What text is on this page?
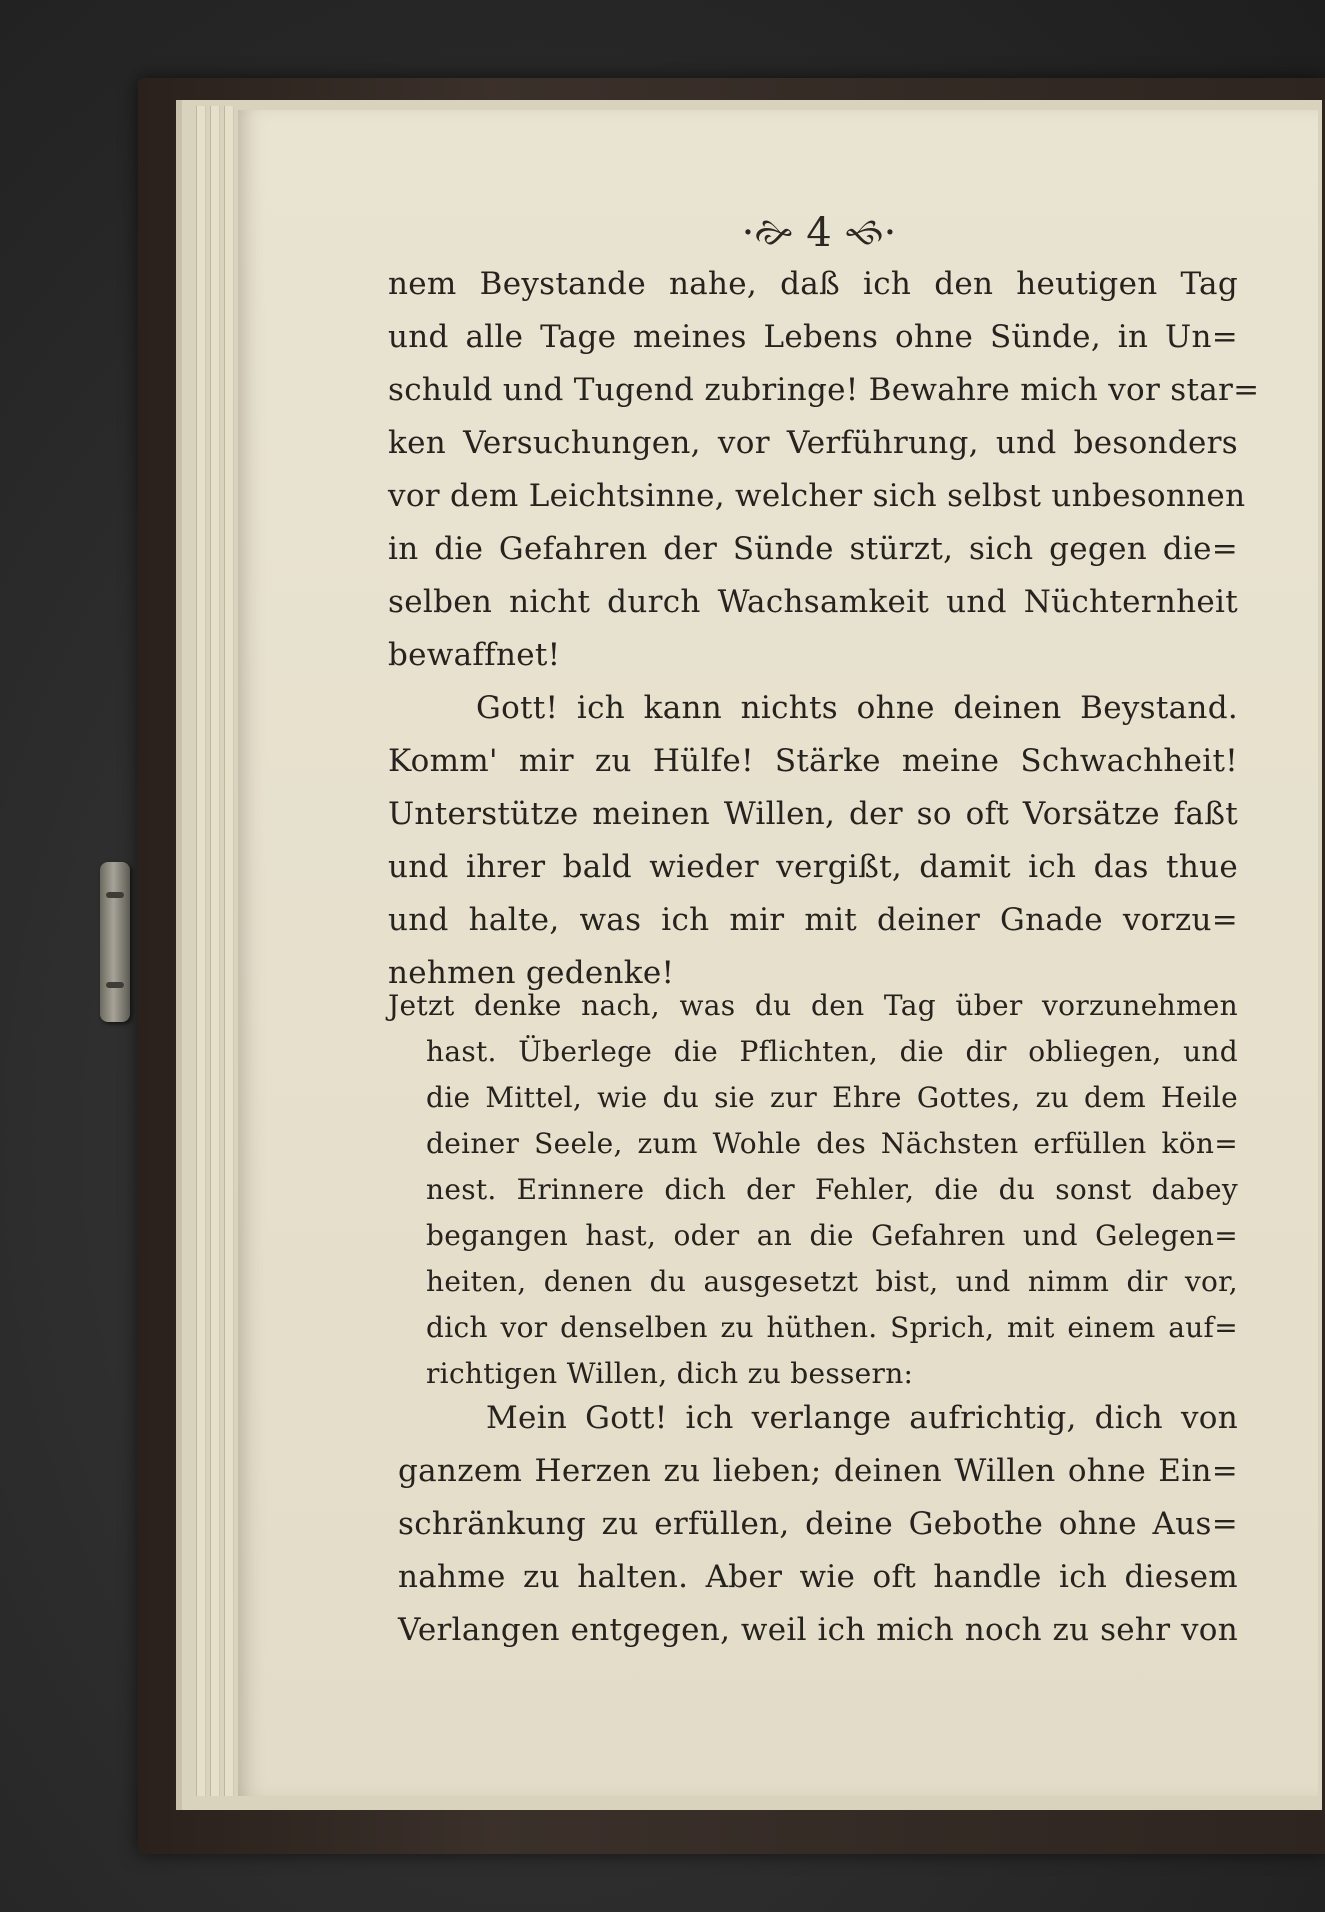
·🙚 4 🙘·
nem Beystande nahe, daß ich den heutigen Tag
und alle Tage meines Lebens ohne Sünde, in Un=
schuld und Tugend zubringe! Bewahre mich vor star=
ken Versuchungen, vor Verführung, und besonders
vor dem Leichtsinne, welcher sich selbst unbesonnen
in die Gefahren der Sünde stürzt, sich gegen die=
selben nicht durch Wachsamkeit und Nüchternheit
bewaffnet!
Gott! ich kann nichts ohne deinen Beystand.
Komm' mir zu Hülfe! Stärke meine Schwachheit!
Unterstütze meinen Willen, der so oft Vorsätze faßt
und ihrer bald wieder vergißt, damit ich das thue
und halte, was ich mir mit deiner Gnade vorzu=
nehmen gedenke!
Jetzt denke nach, was du den Tag über vorzunehmen
hast. Überlege die Pflichten, die dir obliegen, und
die Mittel, wie du sie zur Ehre Gottes, zu dem Heile
deiner Seele, zum Wohle des Nächsten erfüllen kön=
nest. Erinnere dich der Fehler, die du sonst dabey
begangen hast, oder an die Gefahren und Gelegen=
heiten, denen du ausgesetzt bist, und nimm dir vor,
dich vor denselben zu hüthen. Sprich, mit einem auf=
richtigen Willen, dich zu bessern:
Mein Gott! ich verlange aufrichtig, dich von
ganzem Herzen zu lieben; deinen Willen ohne Ein=
schränkung zu erfüllen, deine Gebothe ohne Aus=
nahme zu halten. Aber wie oft handle ich diesem
Verlangen entgegen, weil ich mich noch zu sehr von
